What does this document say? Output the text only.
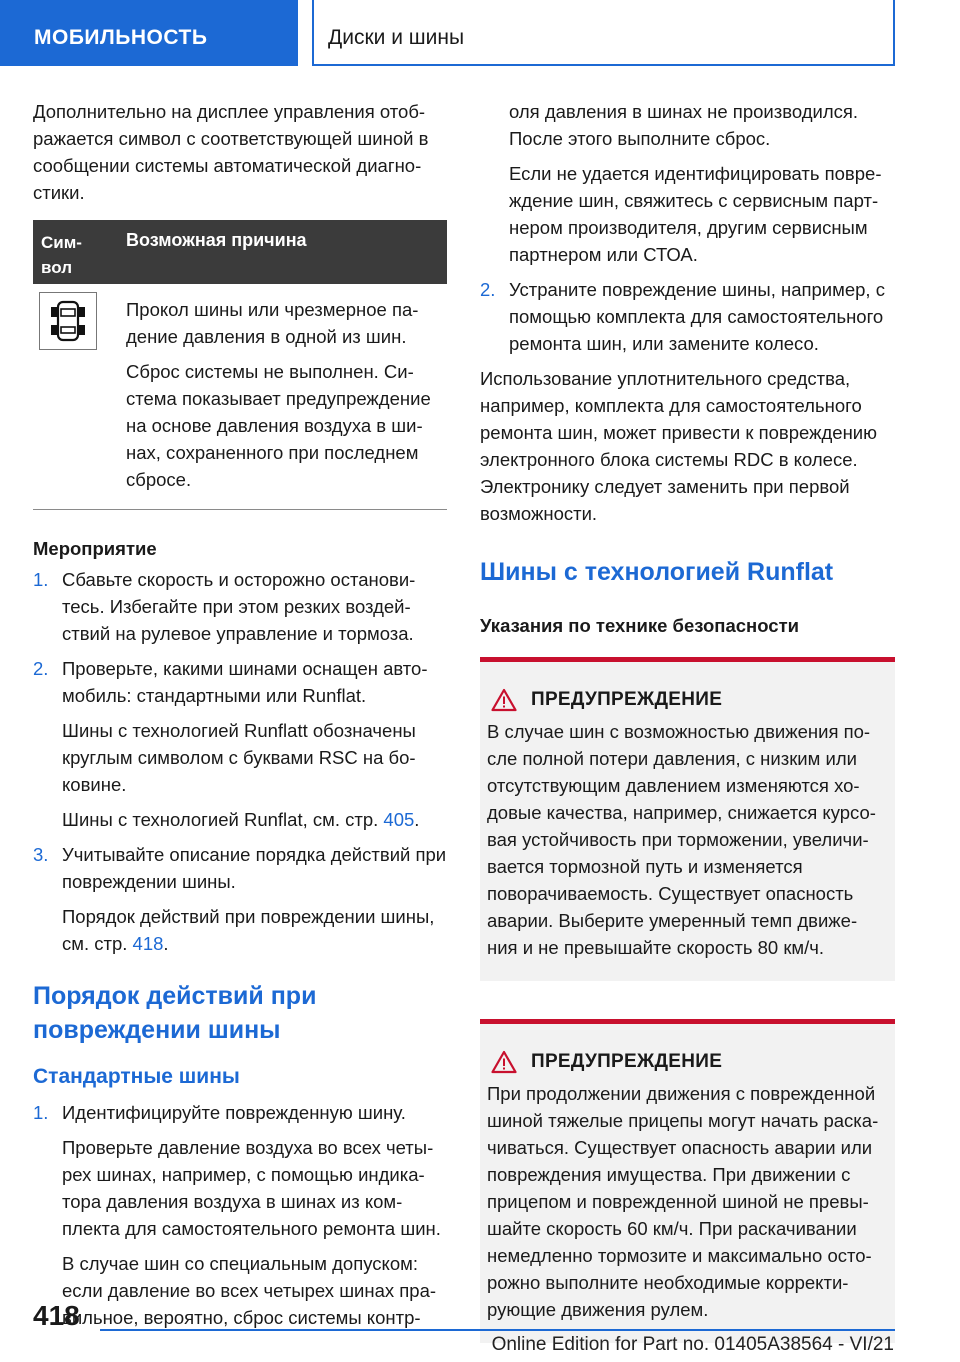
МОБИЛЬНОСТЬ	Диски и шины

Дополнительно на дисплее управления отоб-ражается символ с соответствующей шиной в сообщении системы автоматической диагно-стики.

Сим-вол
Возможная причина

Прокол шины или чрезмерное па-дение давления в одной из шин.

Сброс системы не выполнен. Си-стема показывает предупреждение на основе давления воздуха в ши-нах, сохраненного при последнем сбросе.

Мероприятие
1. Сбавьте скорость и осторожно останови-тесь. Избегайте при этом резких воздей-ствий на рулевое управление и тормоза.

2. Проверьте, какими шинами оснащен авто-мобиль: стандартными или Runflat.

Шины с технологией Runflatt обозначены круглым символом с буквами RSC на бо-ковине.

Шины с технологией Runflat, см. стр. 405.

3. Учитывайте описание порядка действий при повреждении шины.

Порядок действий при повреждении шины, см. стр. 418.

Порядок действий при повреждении шины
Стандартные шины
1. Идентифицируйте поврежденную шину.

Проверьте давление воздуха во всех четы-рех шинах, например, с помощью индика-тора давления воздуха в шинах из ком-плекта для самостоятельного ремонта шин.

В случае шин со специальным допуском: если давление во всех четырех шинах пра-вильное, вероятно, сброс системы контр-

оля давления в шинах не производился. После этого выполните сброс.

Если не удается идентифицировать повре-ждение шин, свяжитесь с сервисным парт-нером производителя, другим сервисным партнером или СТОА.

2. Устраните повреждение шины, например, с помощью комплекта для самостоятельного ремонта шин, или замените колесо.

Использование уплотнительного средства, например, комплекта для самостоятельного ремонта шин, может привести к повреждению электронного блока системы RDC в колесе. Электронику следует заменить при первой возможности.

Шины с технологией Runflat
Указания по технике безопасности
ПРЕДУПРЕЖДЕНИЕ

В случае шин с возможностью движения по-сле полной потери давления, с низким или отсутствующим давлением изменяются хо-довые качества, например, снижается курсо-вая устойчивость при торможении, увеличи-вается тормозной путь и изменяется поворачиваемость. Существует опасность аварии. Выберите умеренный темп движе-ния и не превышайте скорость 80 км/ч.

ПРЕДУПРЕЖДЕНИЕ

При продолжении движения с поврежденной шиной тяжелые прицепы могут начать раска-чиваться. Существует опасность аварии или повреждения имущества. При движении с прицепом и поврежденной шиной не превы-шайте скорость 60 км/ч. При раскачивании немедленно тормозите и максимально осто-рожно выполните необходимые корректи-рующие движения рулем.

418
Online Edition for Part no. 01405A38564 - VI/21
